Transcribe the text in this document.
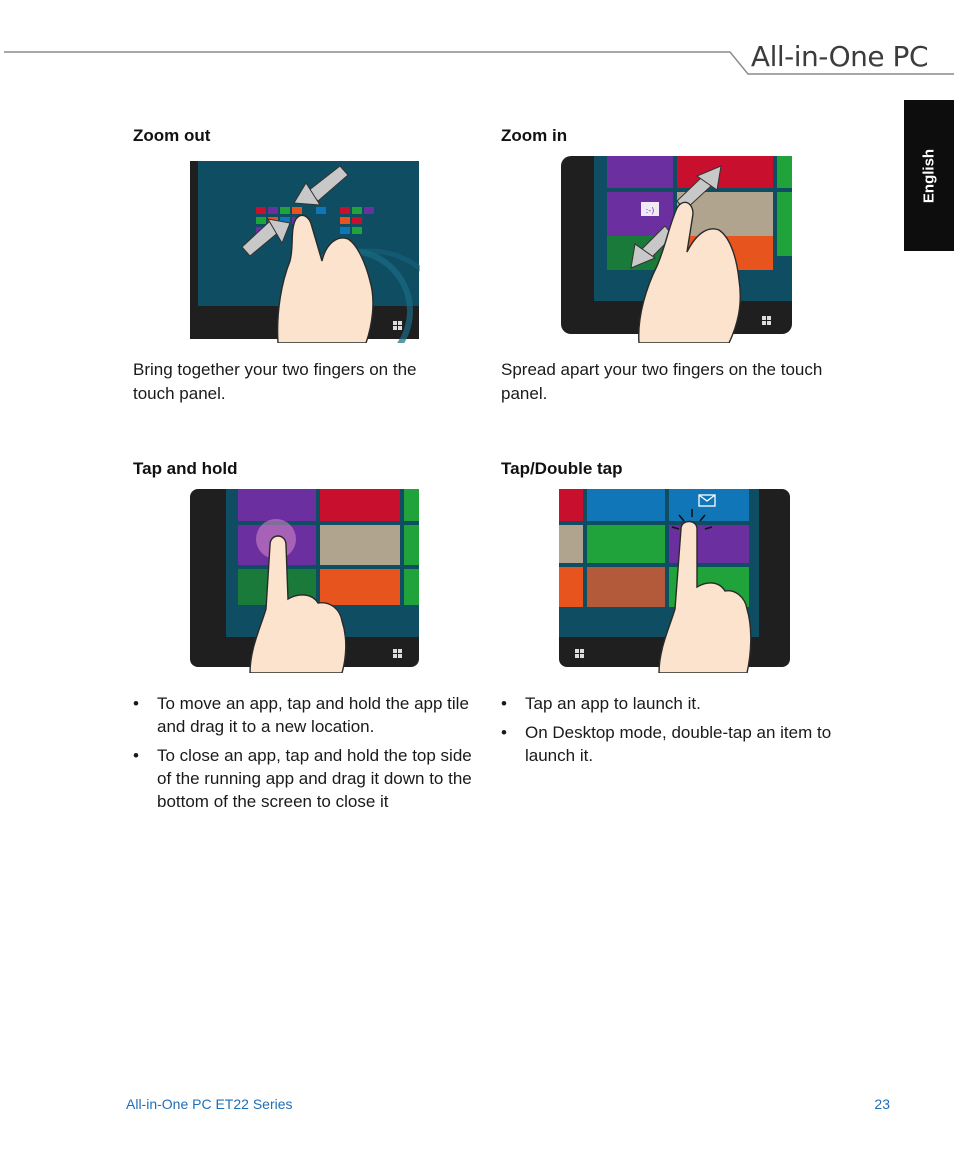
All-in-One PC
English
Zoom out
Bring together your two fingers on the touch panel.
Zoom in
:-)
Spread apart your two fingers on the touch panel.
Tap and hold
• To move an app, tap and hold the app tile and drag it to a new location.
• To close an app, tap and hold the top side of the running app and drag it down to the bottom of the screen to close it
Tap/Double tap
• Tap an app to launch it.
• On Desktop mode, double-tap an item to launch it.
All-in-One PC ET22 Series	23
